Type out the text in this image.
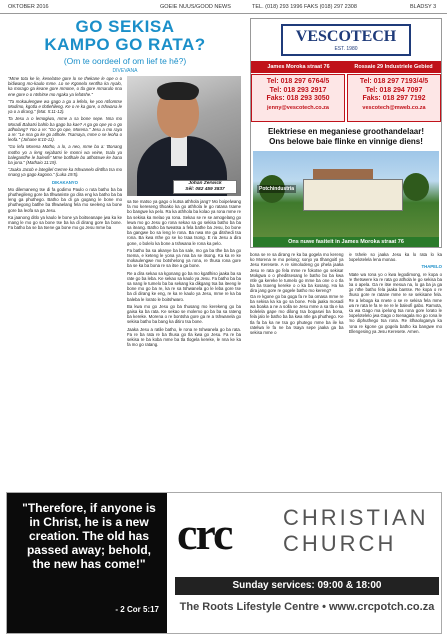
OKTOBER 2016	GOEIE NUUS/GOOD NEWS	TEL. (018) 293 1996 FAKS (018) 297 2308	BLADSY 3
GO SEKISA
KAMPO GO RATA?
(Om te oordeel of om lief te hê?)
DIVEVANA

"Mme tota ke le, keselatse gore lo se thekane le ope o o bidiwang mo-kaulo mme. Lo se Kgonela sentlha ka nyalo, ka morago ga keane gore mmone, o tla gore mmarulo nna ene gore o o ntshitse mo ngaka ya lefatshe."

"Ta mokaulengwe wa gago a ga a lefela, ke yoo ntšomtse Modimo, kgotla e tlotlehileng. Ke o re ka gore, o tshwana le ya o a dirang." (Mat. 5:11-12).

Ta Jesu a o lemogiwa, mme a sa bone sepe. Nna mo Moradi Babatsi bahlo ba gago ba kae? A ga go ope yo o go atlholang? Yoo a re: "Go go ope, Morena." Jesu a mo raya a re: "Le nna ga ke go atlhole. Tsamaya, mme o se leoha o leofa." (Johane 8:10-11).

"Go lefa Morena Motho, a lo, a neo, mme ba a: 'Bonang motho yo a leng sejabatsi le monni wa veine, tsala ya balegantlhe le baleofi!' Mme botlhale bo atlhotswe ke bana ba jona." (Mathaio 11:19).

"Jaaka Jacob e lategilel Gemre ka tshwanelo dintlha tsa mo nnang ya gago kagono." (Luka 19:5).

DIKAKANYO

Mo dilemaneng tse di fa godimo Paulo o ruta batho ba ba phuthegileng gore ba tlhwaniste go dira eng ka batho ba ba leng ga phuthego. Batho ba di ga gogang le bone mo phuthegong batlhe ba tlhwaelang fela mo seeleng sa bone gore ba leofa sa ga Jesu.

Ka jaanong ditlo ya kaulo le bone ya boitseanape jwa ka ke mang le mo go sa bone tse ba ka di dirang gore ba bone. Fa batho ba se ba tsene ga bone mo go Jesu mme ba

Johan Zerwick
Sêl: 082 459 3837

sa tse matso ya gago o kutsa athhola jang? Mo boipelwang fa mo kereseng tlhoako ka go athhola le go ratana tsame bo bangwe ka pelo. Ra ka athhola ba kolao ya rona mme re ba sekisa ka melao ya rona. Sekao se re se amogelang go lewa mo go Jesu go rona sekao sa go sekisa batho ba ba sa iteang. Batho ba tweatsa a fela bathe ba Jesu, bo bone ba gangwe bo sa leng le rona. Ba nwa nte ga ditshedi tsa rona. Ba kwa nthe go se ko tsaa tsong. E ria Jesu a dira gone, o bolelo ka bone a tshwana le rona ka pelo.

Fa batho ba sa akanye ba ba sale, mo ga ba tlhe ba ba go tsema, e keteng le yona ya nna ba se itsong. Ka ka re ke mokaulengwe mo botshelong ya rona, re thusa rona gore ba se ka ba bona re sa itse a ga bone.

Re a dira sekao sa kgonang go ba mo kgatlhiso jaaka ba sa rate go ba leba. Ke sekao sa kaulo ya Jesu. Fa batho ba ba sa nang le tumelo ba ba sekang ka dikgang tsa ba iteeng le bone mo go ba re, ka re sa tshwanela go le leba gore tse ba di dirang ke eng, re ka re kaulo ya Jesu, mme re ka ba baleba le lorato le boitshwaro.

Ba kwa mo go Jesu go ba thusang mo kerekeng go ba gaisa ka ba rata. Ke sekao se molemo go ba ba sa rateng ba kereke. Morena o re bontsha gore ga re a tshwanela go sekisa batho ba bang ka ditiro tsa bone.

Jaaka Jesu a ratile batho, le rona re tshwanela go ba rata. Fa re ba rata re ba thusa go tla kwa go Jesu. Fa re ba sekisa re ba koba mme ba tla tlogela kereke, le nna ke ka fa mo go ratang.

VESCOTECH
EST. 1980
James Moroka straat 76	Rossaie 29 Industriele Gebied
Tel: 018 297 6764/5
Tel: 018 293 2917
Faks: 018 293 3050
jenny@vescotech.co.za
Tel: 018 297 7193/4/5
Tel: 018 294 7097
Faks: 018 297 7192
vescotech@mweb.co.za
Elektriese en meganiese groothandelaar!
Ons belowe baie flinke en vinnige diens!
Potchindustria
Ons nuwe fasiteit in James Moroka straat 76

bona se re sa dirang re ka ba gogela mo kereng ko Morena re mo pelong; sonjo ya tlhangoitl ya Jesu Keresete. A re simolodeng go phela jaaka Jesu re rata go fela mme re fokotse go sekisa! Mokgwa o o pheditsesang le batho bo ba kwa ntle ga kereke le tumelo go mme ba one o o tla ba ba tsoeng kereke o o ka ba kosang. Ha ka dira jang gore re gogele batho mo kereng?

Ga re kgone go ba goga fa re ba omasa mme re ba sekisa ka ka go sa bone. Fela jaaka mosadi wa boaka a ne a solla se Jesu mme a sa tla e ka bolelela gape mo dilong tsa bogaswi ba bona, fela jalo le batho ba ba kwa ntle ga phuthego. Ke tla fa ba ka ne tsa go phutego mme ba ile ka ratelwa le fa ne ba tsaya sepe jaaka ga ba sekisa mme o

le tshele so jaaka Jesu ka lo rata lo ka bopelotelela lena monao.

THAPELO

Ntate wa rona yo o kwa legodimong, re kopa o re thetswere ka re rata go atlhola le go sekisa ba ba o apela. Ga re itse mesua na, lo ga ba ja ga go nthe batho fela jaaka bantse. Re kopa o re thuso gore re ratane mme re se sekisane fela. Re a leboga ka nnete o se re sekisa fela mme wa re rata le fa re ne re le baleofi gabo. Ramota, ka wa Gago ma ipelong tsa rona gore lorato le bopelotelelo jwa Gago o tsenagala mo go rona le mo diphuthego tsa rona. Re itlhaologanya ka rona re kgone go gogela batho ka bangwe mo Ellengesing ya Jesu Keresete. Amen.

"Therefore, if anyone is in Christ, he is a new creation. The old has passed away; behold, the new has come!"
- 2 Cor 5:17
crc CHRISTIAN
CHURCH
Sunday services: 09:00 & 18:00
The Roots Lifestyle Centre • www.crcpotch.co.za
